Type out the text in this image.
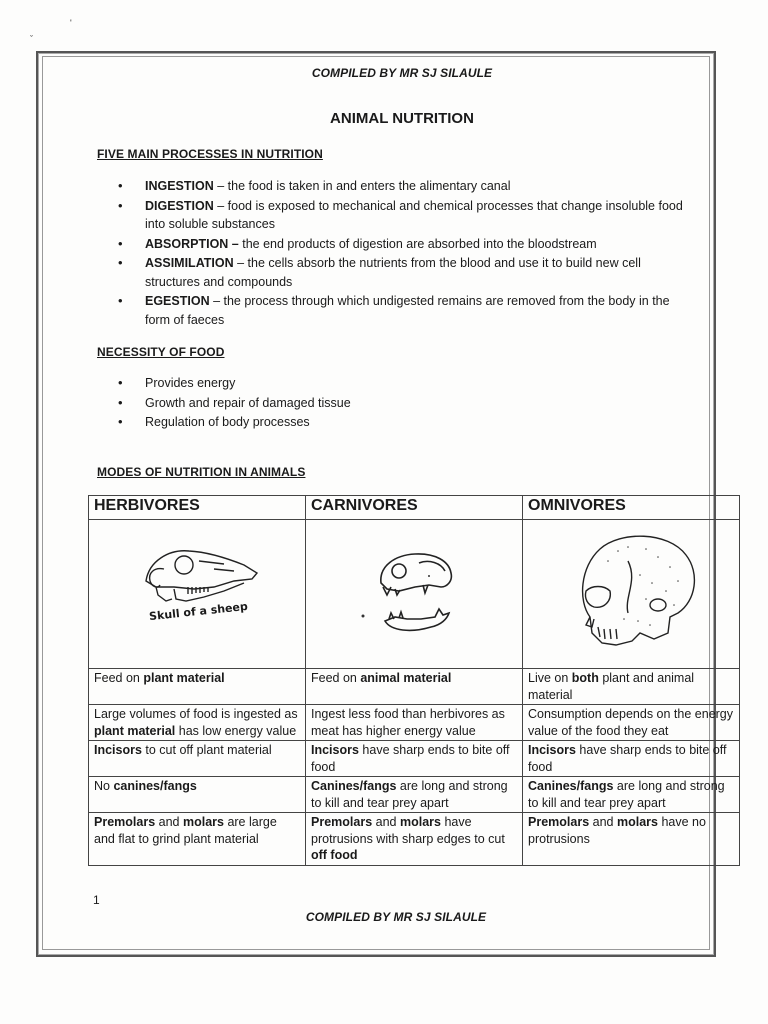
'
ˇ
COMPILED BY MR SJ SILAULE
ANIMAL NUTRITION
FIVE MAIN PROCESSES IN NUTRITION
• INGESTION – the food is taken in and enters the alimentary canal
• DIGESTION – food is exposed to mechanical and chemical processes that change insoluble food into soluble substances
• ABSORPTION – the end products of digestion are absorbed into the bloodstream
• ASSIMILATION – the cells absorb the nutrients from the blood and use it to build new cell structures and compounds
• EGESTION – the process through which undigested remains are removed from the body in the form of faeces
NECESSITY OF FOOD
• Provides energy
• Growth and repair of damaged tissue
• Regulation of body processes
MODES OF NUTRITION IN ANIMALS
HERBIVORES	CARNIVORES	OMNIVORES

Skull of a sheep

Feed on plant material	Feed on animal material	Live on both plant and animal material
Large volumes of food is ingested as plant material has low energy value	Ingest less food than herbivores as meat has higher energy value	Consumption depends on the energy value of the food they eat
Incisors to cut off plant material	Incisors have sharp ends to bite off food	Incisors have sharp ends to bite off food
No canines/fangs	Canines/fangs are long and strong to kill and tear prey apart	Canines/fangs are long and strong to kill and tear prey apart
Premolars and molars are large and flat to grind plant material	Premolars and molars have protrusions with sharp edges to cut off food	Premolars and molars have no protrusions
1
COMPILED BY MR SJ SILAULE
